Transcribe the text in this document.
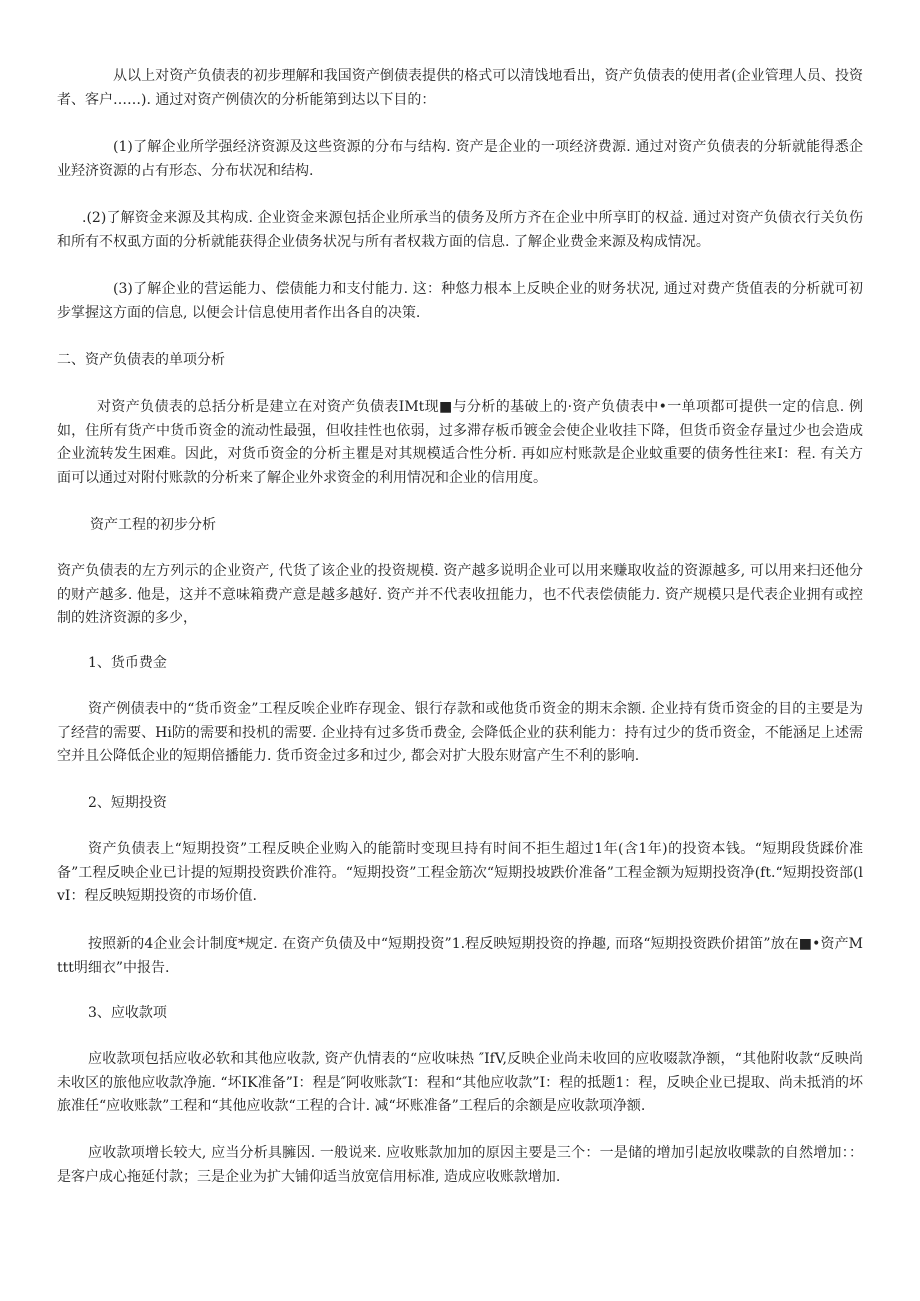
从以上对资产负债表的初步理解和我国资产倒债表提供的格式可以清饯地看出，资产负债表的使用者(企业管理人员、投资者、客户……). 通过对资产例债次的分析能第到达以下目的：

(1)了解企业所学强经济资源及这些资源的分布与结构. 资产是企业的一项经济费源. 通过对资产负债表的分斩就能得悉企业羟济资源的占有形态、分布状况和结构.

.(2)了解资金来源及其构成. 企业资金来源包括企业所承当的债务及所方齐在企业中所享盯的权益. 通过对资产负债衣行关负伤和所有不权虱方面的分析就能获得企业债务状况与所有者权栽方面的信息. 了解企业费金来源及构成情况。

(3)了解企业的营运能力、偿债能力和支付能力. 这：种悠力根本上反映企业的财务状况, 通过对费产货值表的分析就可初步掌握这方面的信息, 以便会计信息使用者作出各自的决策.

二、资产负债表的单项分析

对资产负债表的总括分析是建立在对资产负债表IMt现■与分析的基破上的·资产负债表中•一单项都可提供一定的信息. 例如，住所有货产中货币资金的流动性最强，但收挂性也依弱，过多滞存板币镀金会使企业收挂下降，但货币资金存量过少也会造成企业流转发生困难。因此，对货币资金的分析主瞿是对其规模适合性分析. 再如应村账款是企业蚊重要的债务性往来I：程. 有关方面可以通过对附付账款的分析来了解企业外求资金的利用情况和企业的信用度。

资产工程的初步分析

资产负债表的左方列示的企业资产, 代货了该企业的投资规模. 资产越多说明企业可以用来赚取收益的资源越多, 可以用来扫还他分的财产越多. 他是，这并不意味箱费产意是越多越好. 资产并不代表收扭能力，也不代表偿债能力. 资产规模只是代表企业拥有或控制的姓济资源的多少，

1、货币费金

资产例债表中的“货币资金”工程反唉企业昨存现金、银行存款和或他货币资金的期末余额. 企业持有货币资金的目的主要是为了经营的需要、Hi防的需要和投机的需要. 企业持有过多货币费金, 会降低企业的获利能力：持有过少的货币资金，不能涵足上述需空并且公降低企业的短期倍播能力. 货币资金过多和过少, 都会对扩大股东财富产生不利的影响.

2、短期投资

资产负债表上“短期投资”工程反映企业购入的能箭时变现旦持有时间不拒生超过1年(含1年)的投资本钱。“短期段货蹂价准备”工程反映企业已计提的短期投资跌价准符。“短期投资”工程金筋次“短期投坡跌价准备”工程金额为短期投资净(ft.“短期投资部(lvI：程反映短期投资的市场价值.

按照新的4企业会计制度*规定. 在资产负债及中“短期投资”1.程反映短期投资的挣趣, 而珞“短期投资跌价捃笛”放在■•资产Mttt明细衣”中报告.

3、应收款项

应收款项包括应收必软和其他应收款, 资产仇情表的“应收味热 ″IfV,反映企业尚未收回的应收啜款净额，“其他附收款“反映尚未收区的旅他应收款净施. “坏IK准备”I：程是″阿收账款″I：程和“其他应收款”I：程的抵题1：程，反映企业已提取、尚未抵消的坏旅准任“应收账款”工程和“其他应收款“工程的合计. 减“坏账准备”工程后的余额是应收款项净额.

应收款项增长较大, 应当分析具臃因. 一般说来. 应收账款加加的原因主要是三个：一是储的增加引起放收喋款的自然增加：：是客户成心拖延付款；三是企业为扩大铺仰适当放宽信用标准, 造成应收账款增加.
